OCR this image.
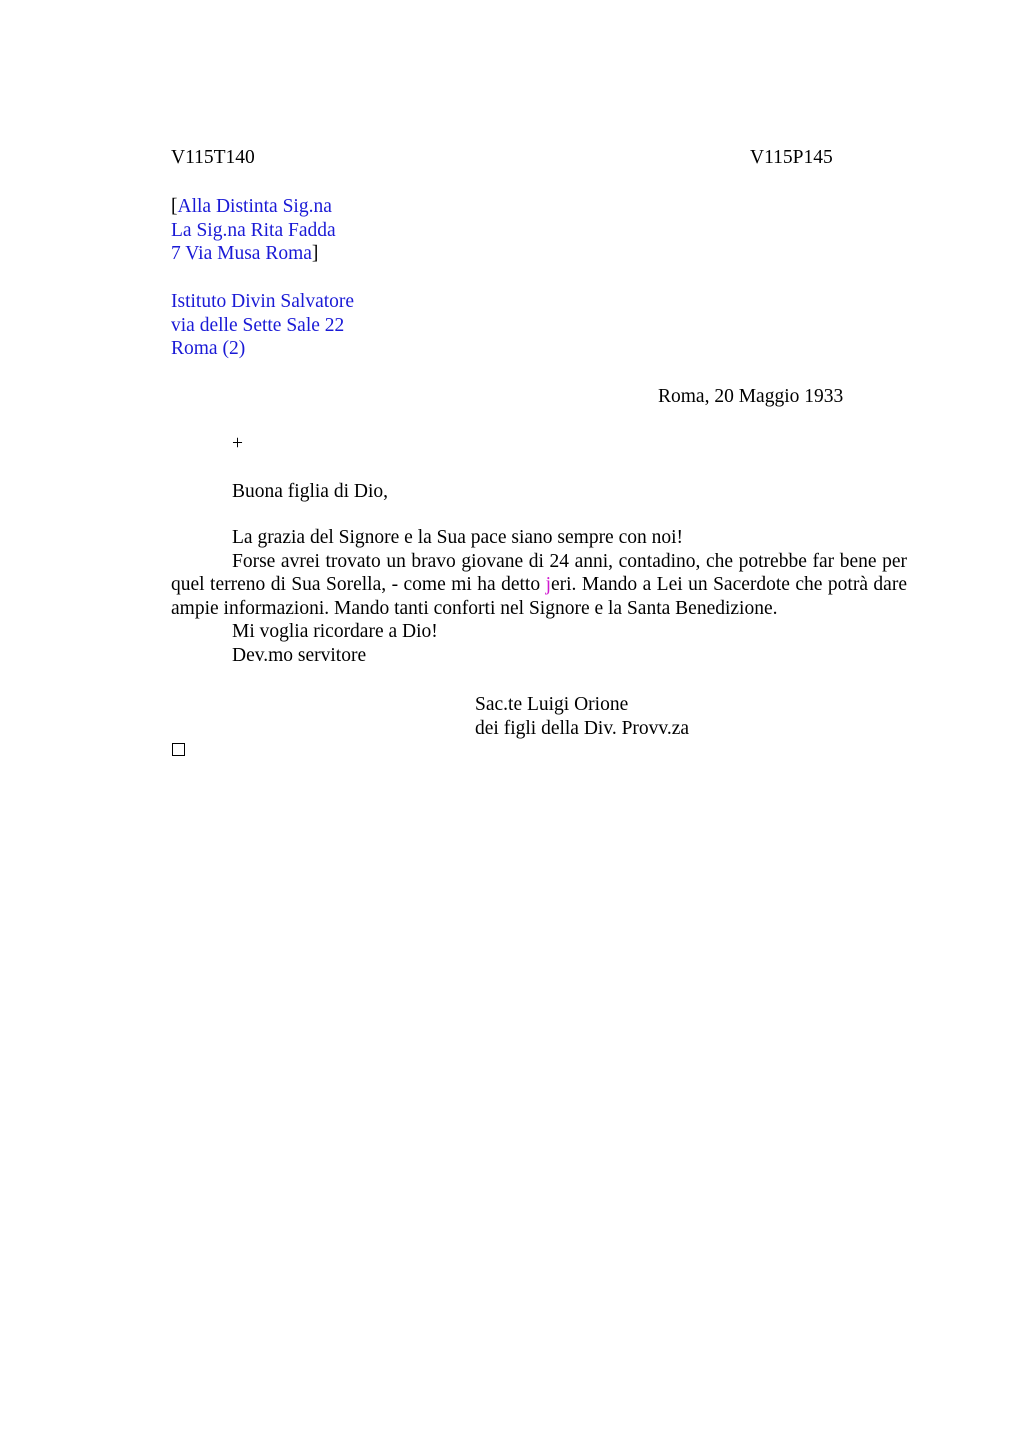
V115T140	V115P145
[Alla Distinta Sig.na
La Sig.na Rita Fadda
7 Via Musa Roma]
Istituto Divin Salvatore
via delle Sette Sale 22
Roma (2)
Roma, 20 Maggio 1933
+
Buona figlia di Dio,

La grazia del Signore e la Sua pace siano sempre con noi!

Forse avrei trovato un bravo giovane di 24 anni, contadino, che potrebbe far bene per quel terreno di Sua Sorella, - come mi ha detto jeri. Mando a Lei un Sacerdote che potrà dare ampie informazioni. Mando tanti conforti nel Signore e la Santa Benedizione.

Mi voglia ricordare a Dio!

Dev.mo servitore

Sac.te Luigi Orione
dei figli della Div. Provv.za
